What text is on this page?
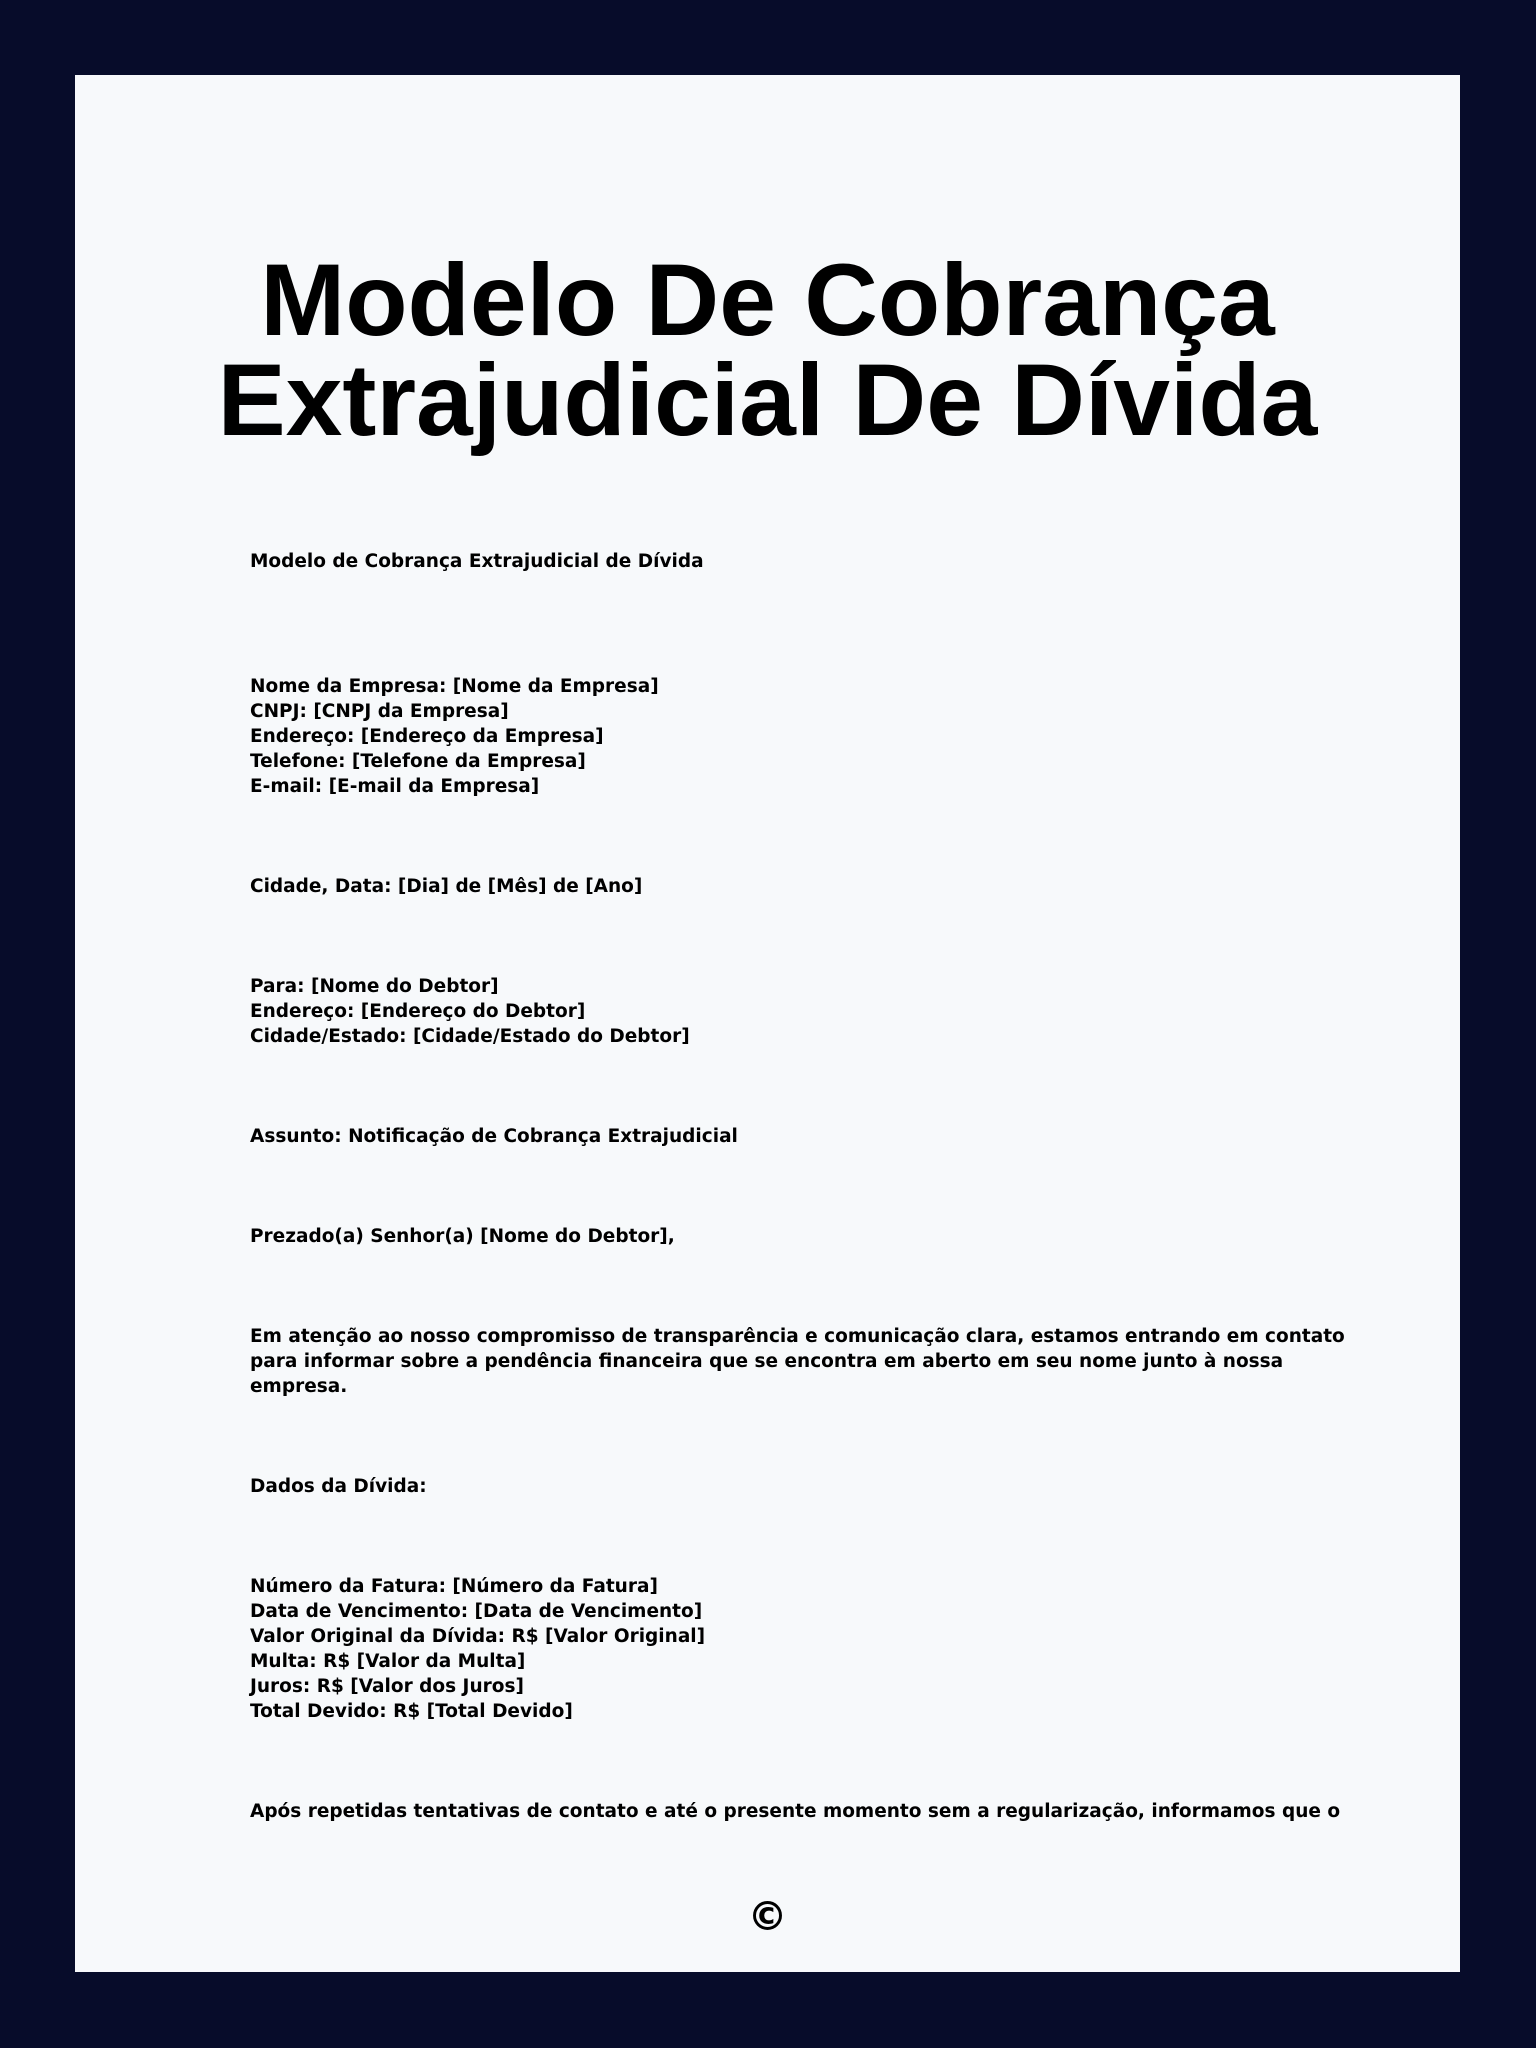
Modelo De Cobrança
Extrajudicial De Dívida

Modelo de Cobrança Extrajudicial de Dívida

Nome da Empresa: [Nome da Empresa]
CNPJ: [CNPJ da Empresa]
Endereço: [Endereço da Empresa]
Telefone: [Telefone da Empresa]
E-mail: [E-mail da Empresa]

Cidade, Data: [Dia] de [Mês] de [Ano]

Para: [Nome do Debtor]
Endereço: [Endereço do Debtor]
Cidade/Estado: [Cidade/Estado do Debtor]

Assunto: Notificação de Cobrança Extrajudicial

Prezado(a) Senhor(a) [Nome do Debtor],

Em atenção ao nosso compromisso de transparência e comunicação clara, estamos entrando em contato para informar sobre a pendência financeira que se encontra em aberto em seu nome junto à nossa empresa.

Dados da Dívida:

Número da Fatura: [Número da Fatura]
Data de Vencimento: [Data de Vencimento]
Valor Original da Dívida: R$ [Valor Original]
Multa: R$ [Valor da Multa]
Juros: R$ [Valor dos Juros]
Total Devido: R$ [Total Devido]

Após repetidas tentativas de contato e até o presente momento sem a regularização, informamos que o

©
